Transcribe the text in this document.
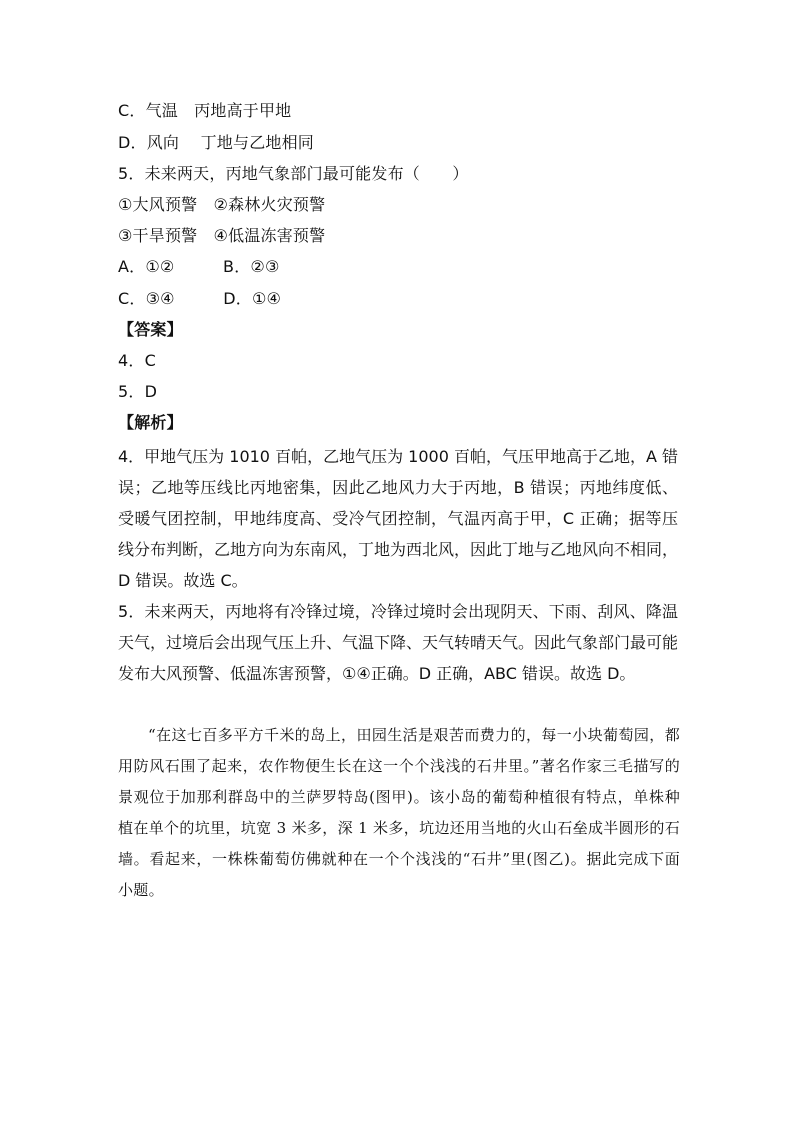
C．气温　丙地高于甲地
D．风向　 丁地与乙地相同
5．未来两天，丙地气象部门最可能发布（　　）
①大风预警　②森林火灾预警
③干旱预警　④低温冻害预警
A．①②　　　B．②③
C．③④　　　D．①④
【答案】
4．C
5．D
【解析】
4．甲地气压为 1010 百帕，乙地气压为 1000 百帕，气压甲地高于乙地，A 错误；乙地等压线比丙地密集，因此乙地风力大于丙地，B 错误；丙地纬度低、受暖气团控制，甲地纬度高、受冷气团控制，气温丙高于甲，C 正确；据等压线分布判断，乙地方向为东南风，丁地为西北风，因此丁地与乙地风向不相同，D 错误。故选 C。
5．未来两天，丙地将有冷锋过境，冷锋过境时会出现阴天、下雨、刮风、降温天气，过境后会出现气压上升、气温下降、天气转晴天气。因此气象部门最可能发布大风预警、低温冻害预警，①④正确。D 正确，ABC 错误。故选 D。
“在这七百多平方千米的岛上，田园生活是艰苦而费力的，每一小块葡萄园，都用防风石围了起来，农作物便生长在这一个个浅浅的石井里。”著名作家三毛描写的景观位于加那利群岛中的兰萨罗特岛(图甲)。该小岛的葡萄种植很有特点，单株种植在单个的坑里，坑宽 3 米多，深 1 米多，坑边还用当地的火山石垒成半圆形的石墙。看起来，一株株葡萄仿佛就种在一个个浅浅的“石井”里(图乙)。据此完成下面小题。
